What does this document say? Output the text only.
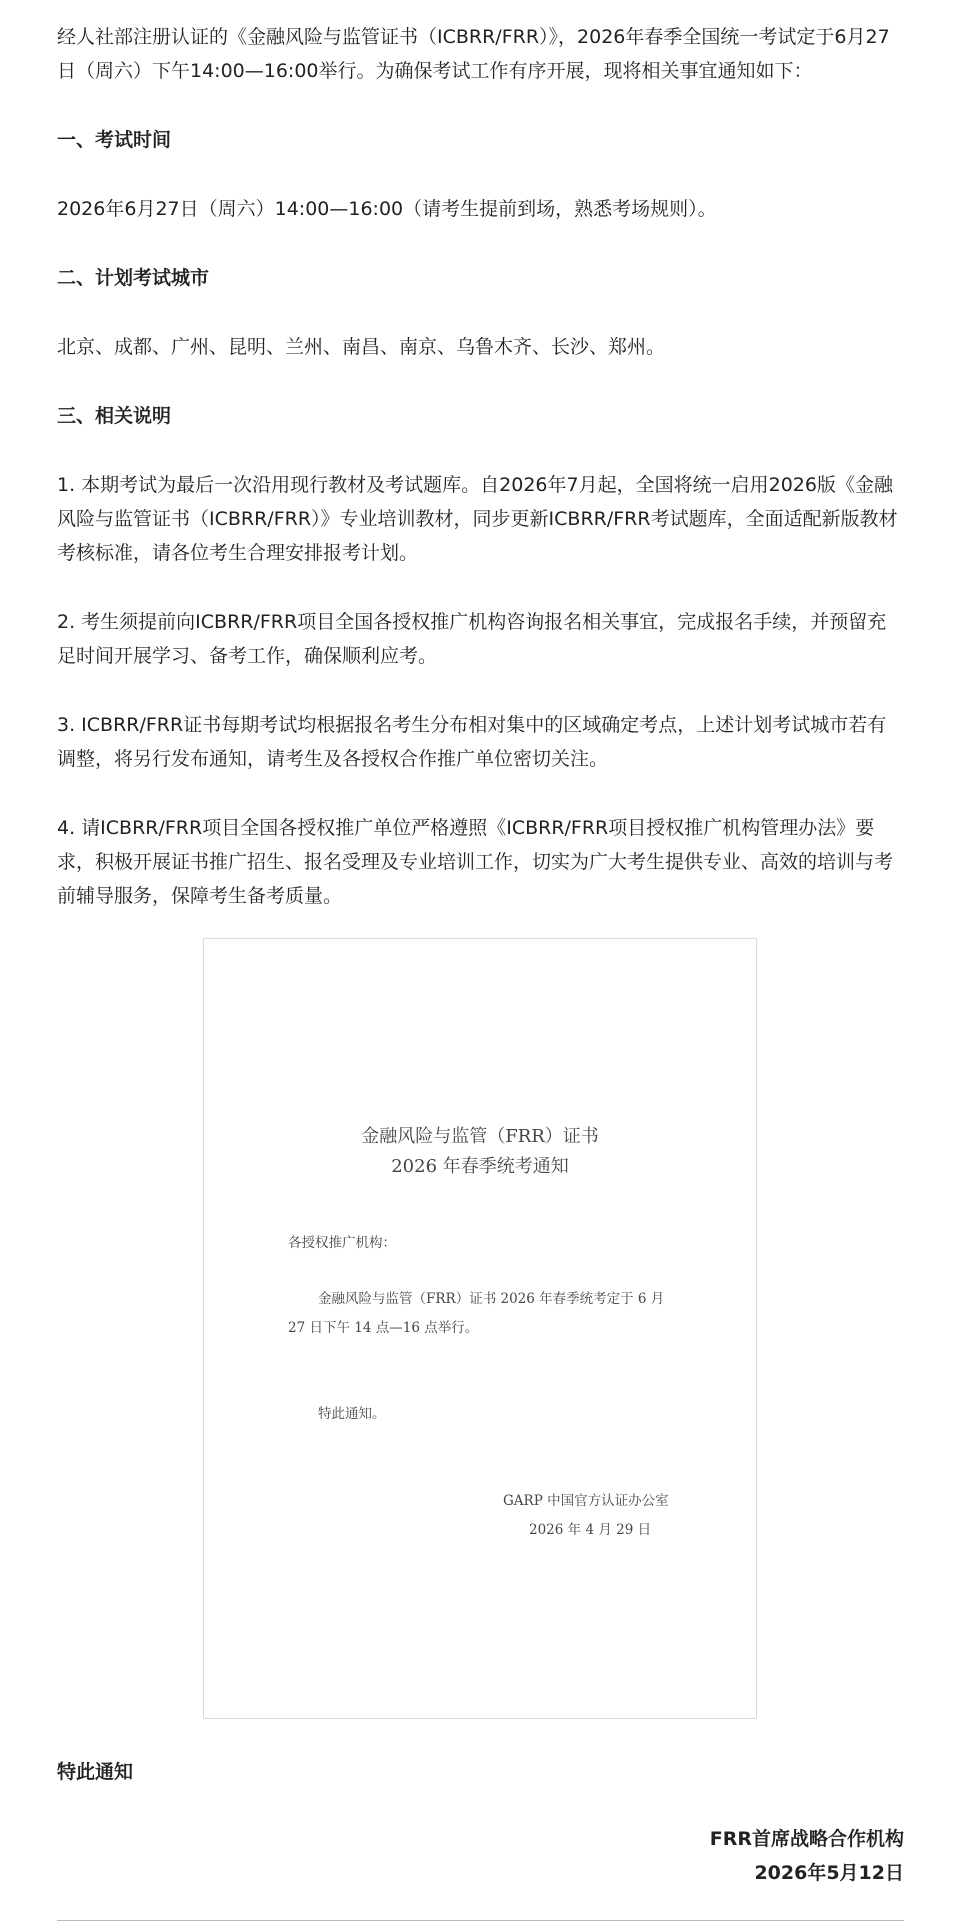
经人社部注册认证的《金融风险与监管证书（ICBRR/FRR）》，2026年春季全国统一考试定于6月27日（周六）下午14:00—16:00举行。为确保考试工作有序开展，现将相关事宜通知如下：

一、考试时间

2026年6月27日（周六）14:00—16:00（请考生提前到场，熟悉考场规则）。

二、计划考试城市

北京、成都、广州、昆明、兰州、南昌、南京、乌鲁木齐、长沙、郑州。

三、相关说明

1. 本期考试为最后一次沿用现行教材及考试题库。自2026年7月起，全国将统一启用2026版《金融风险与监管证书（ICBRR/FRR）》专业培训教材，同步更新ICBRR/FRR考试题库，全面适配新版教材考核标准，请各位考生合理安排报考计划。

2. 考生须提前向ICBRR/FRR项目全国各授权推广机构咨询报名相关事宜，完成报名手续，并预留充足时间开展学习、备考工作，确保顺利应考。

3. ICBRR/FRR证书每期考试均根据报名考生分布相对集中的区域确定考点，上述计划考试城市若有调整，将另行发布通知，请考生及各授权合作推广单位密切关注。

4. 请ICBRR/FRR项目全国各授权推广单位严格遵照《ICBRR/FRR项目授权推广机构管理办法》要求，积极开展证书推广招生、报名受理及专业培训工作，切实为广大考生提供专业、高效的培训与考前辅导服务，保障考生备考质量。

金融风险与监管（FRR）证书
2026 年春季统考通知
各授权推广机构：
金融风险与监管（FRR）证书 2026 年春季统考定于 6 月
27 日下午 14 点—16 点举行。
特此通知。
GARP 中国官方认证办公室
2026 年 4 月 29 日
特此通知
FRR首席战略合作机构
2026年5月12日
